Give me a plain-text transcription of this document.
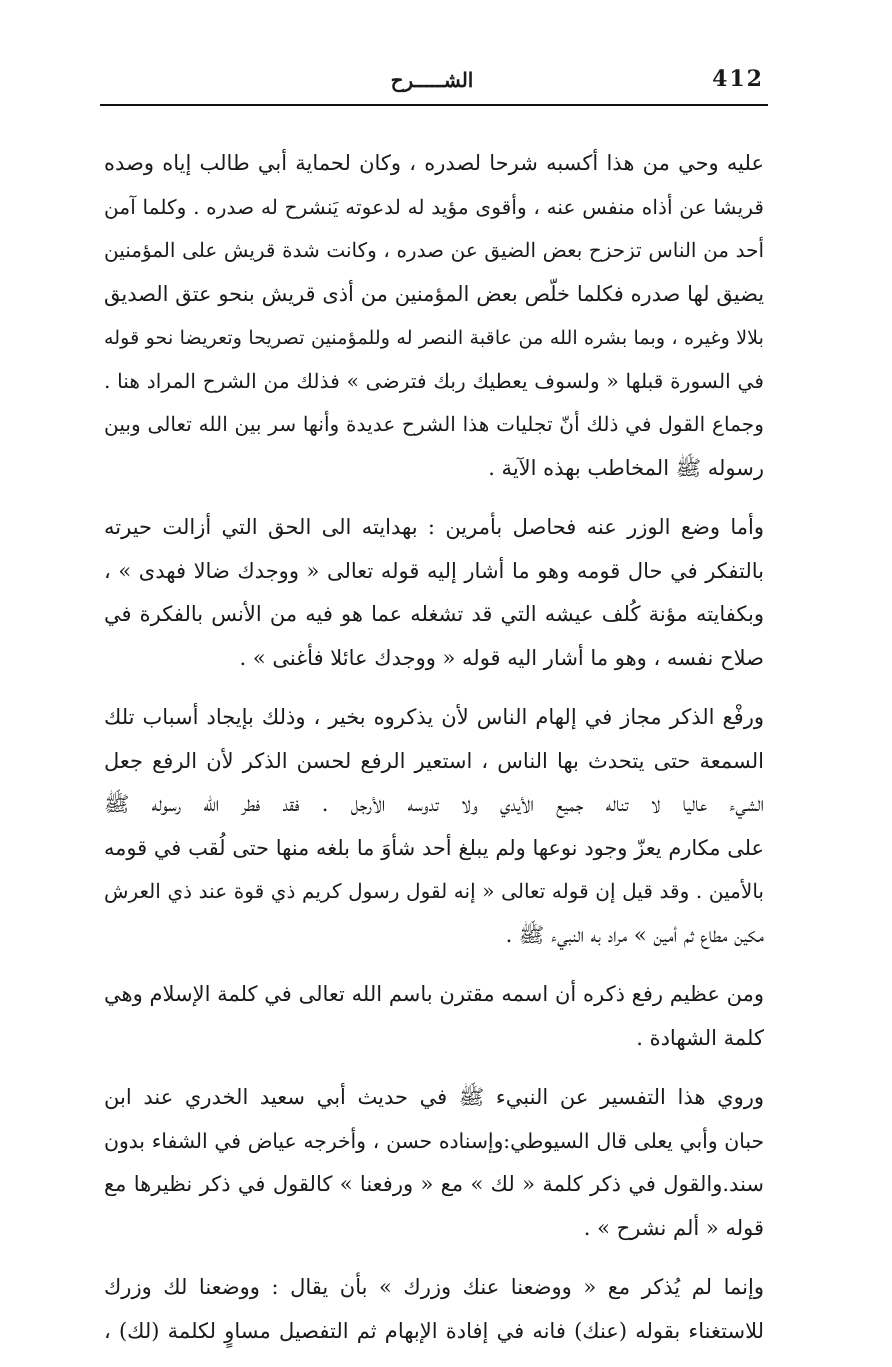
412
الشـــــرح

عليه وحي من هذا أكسبه شرحا لصدره ، وكان لحماية أبي طالب إياه وصده
قريشا عن أذاه منفس عنه ، وأقوى مؤيد له لدعوته يَنشرح له صدره . وكلما آمن
أحد من الناس تزحزح بعض الضيق عن صدره ، وكانت شدة قريش على المؤمنين
يضيق لها صدره فكلما خلّص بعض المؤمنين من أذى قريش بنحو عتق الصديق
بلالا وغيره ، وبما بشره الله من عاقبة النصر له وللمؤمنين تصريحا وتعريضا نحو قوله
في السورة قبلها « ولسوف يعطيك ربك فترضى » فذلك من الشرح المراد هنا .
وجماع القول في ذلك أنّ تجليات هذا الشرح عديدة وأنها سر بين الله تعالى وبين
رسوله ﷺ المخاطب بهذه الآية .

وأما وضع الوزر عنه فحاصل بأمرين : بهدايته الى الحق التي أزالت حيرته
بالتفكر في حال قومه وهو ما أشار إليه قوله تعالى « ووجدك ضالا فهدى » ،
وبكفايته مؤنة كُلف عيشه التي قد تشغله عما هو فيه من الأنس بالفكرة في
صلاح نفسه ، وهو ما أشار اليه قوله « ووجدك عائلا فأغنى » .

ورفْع الذكر مجاز في إلهام الناس لأن يذكروه بخير ، وذلك بإيجاد أسباب تلك
السمعة حتى يتحدث بها الناس ، استعير الرفع لحسن الذكر لأن الرفع جعل
الشيء عاليا لا تناله جميع الأيدي ولا تدوسه الأرجل . فقد فطر الله رسوله ﷺ
على مكارم يعزّ وجود نوعها ولم يبلغ أحد شأوَ ما بلغه منها حتى لُقب في قومه
بالأمين . وقد قيل إن قوله تعالى « إنه لقول رسول كريم ذي قوة عند ذي العرش
مكين مطاع ثم أمين » مراد به النبيء ﷺ .

ومن عظيم رفع ذكره أن اسمه مقترن باسم الله تعالى في كلمة الإسلام وهي
كلمة الشهادة .

وروي هذا التفسير عن النبيء ﷺ في حديث أبي سعيد الخدري عند ابن
حبان وأبي يعلى قال السيوطي:وإسناده حسن ، وأخرجه عياض في الشفاء بدون
سند.والقول في ذكر كلمة « لك » مع « ورفعنا » كالقول في ذكر نظيرها مع
قوله « ألم نشرح » .

وإنما لم يُذكر مع « ووضعنا عنك وزرك » بأن يقال : ووضعنا لك وزرك
للاستغناء بقوله (عنك) فانه في إفادة الإبهام ثم التفصيل مساوٍ لكلمة (لك) ،
